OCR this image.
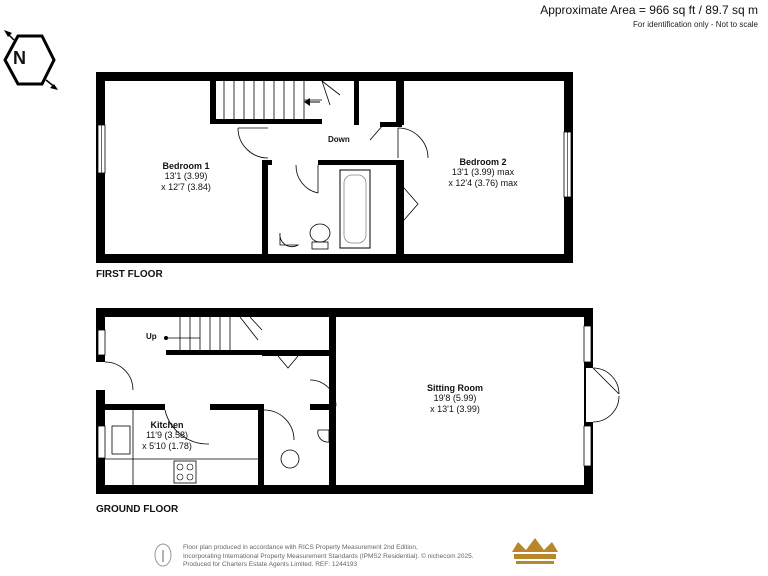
Approximate Area = 966 sq ft / 89.7 sq m
For identification only - Not to scale
N
Bedroom 1
13'1 (3.99)
x 12'7 (3.84)
Bedroom 2
13'1 (3.99) max
x 12'4 (3.76) max
Down
FIRST FLOOR
Kitchen
11'9 (3.58)
x 5'10 (1.78)
Sitting Room
19'8 (5.99)
x 13'1 (3.99)
Up
GROUND FLOOR
Floor plan produced in accordance with RICS Property Measurement 2nd Edition,
Incorporating International Property Measurement Standards (IPMS2 Residential). © nichecom 2025.
Produced for Charters Estate Agents Limited. REF: 1244193
